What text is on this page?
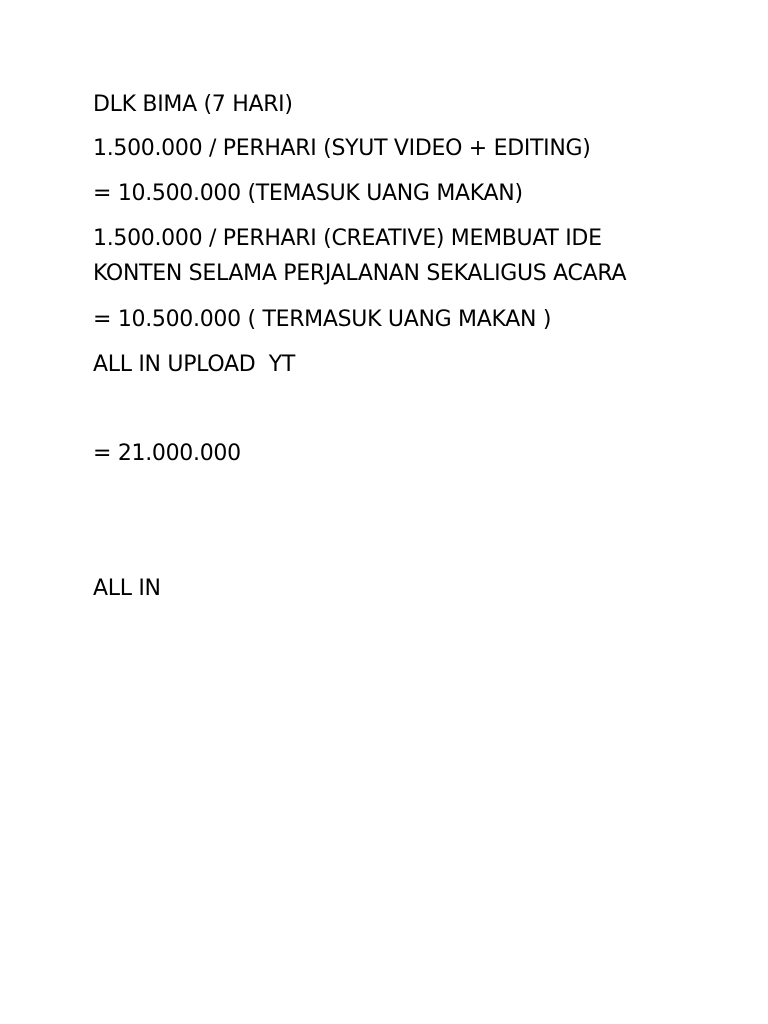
DLK BIMA (7 HARI)
1.500.000 / PERHARI (SYUT VIDEO + EDITING)
= 10.500.000 (TEMASUK UANG MAKAN)
1.500.000 / PERHARI (CREATIVE) MEMBUAT IDE
KONTEN SELAMA PERJALANAN SEKALIGUS ACARA
= 10.500.000 ( TERMASUK UANG MAKAN )
ALL IN UPLOAD  YT
= 21.000.000
ALL IN
